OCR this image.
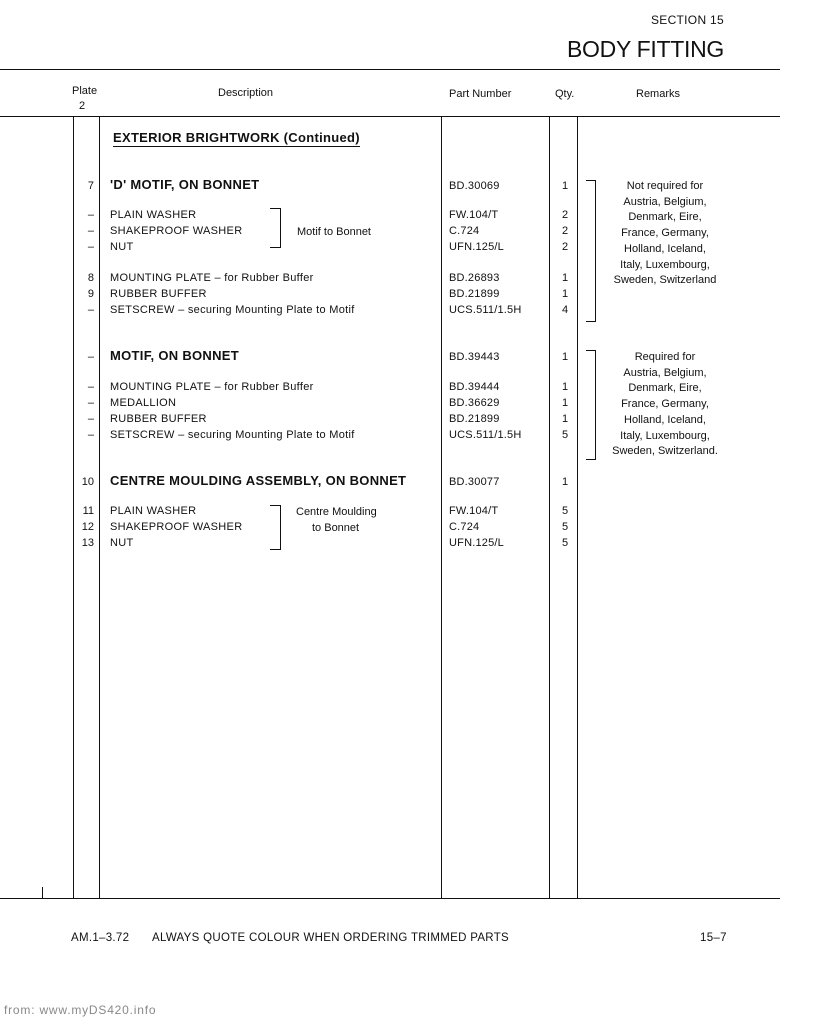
SECTION 15
BODY FITTING
Plate
2
Description	Part Number	Qty.	Remarks
EXTERIOR BRIGHTWORK (Continued)
7 'D' MOTIF, ON BONNET	BD.30069	1
– PLAIN WASHER	FW.104/T	2
– SHAKEPROOF WASHER	C.724	2
– NUT	UFN.125/L	2
8 MOUNTING PLATE – for Rubber Buffer	BD.26893	1
9 RUBBER BUFFER	BD.21899	1
– SETSCREW – securing Mounting Plate to Motif	UCS.511/1.5H	4
– MOTIF, ON BONNET	BD.39443	1
– MOUNTING PLATE – for Rubber Buffer	BD.39444	1
– MEDALLION	BD.36629	1
– RUBBER BUFFER	BD.21899	1
– SETSCREW – securing Mounting Plate to Motif	UCS.511/1.5H	5
10 CENTRE MOULDING ASSEMBLY, ON BONNET	BD.30077	1
11 PLAIN WASHER	FW.104/T	5
12 SHAKEPROOF WASHER	C.724	5
13 NUT	UFN.125/L	5
Motif to Bonnet
Centre Moulding
to Bonnet
Not required for
Austria, Belgium,
Denmark, Eire,
France, Germany,
Holland, Iceland,
Italy, Luxembourg,
Sweden, Switzerland
Required for
Austria, Belgium,
Denmark, Eire,
France, Germany,
Holland, Iceland,
Italy, Luxembourg,
Sweden, Switzerland.
AM.1–3.72 ALWAYS QUOTE COLOUR WHEN ORDERING TRIMMED PARTS	15–7
from: www.myDS420.info
